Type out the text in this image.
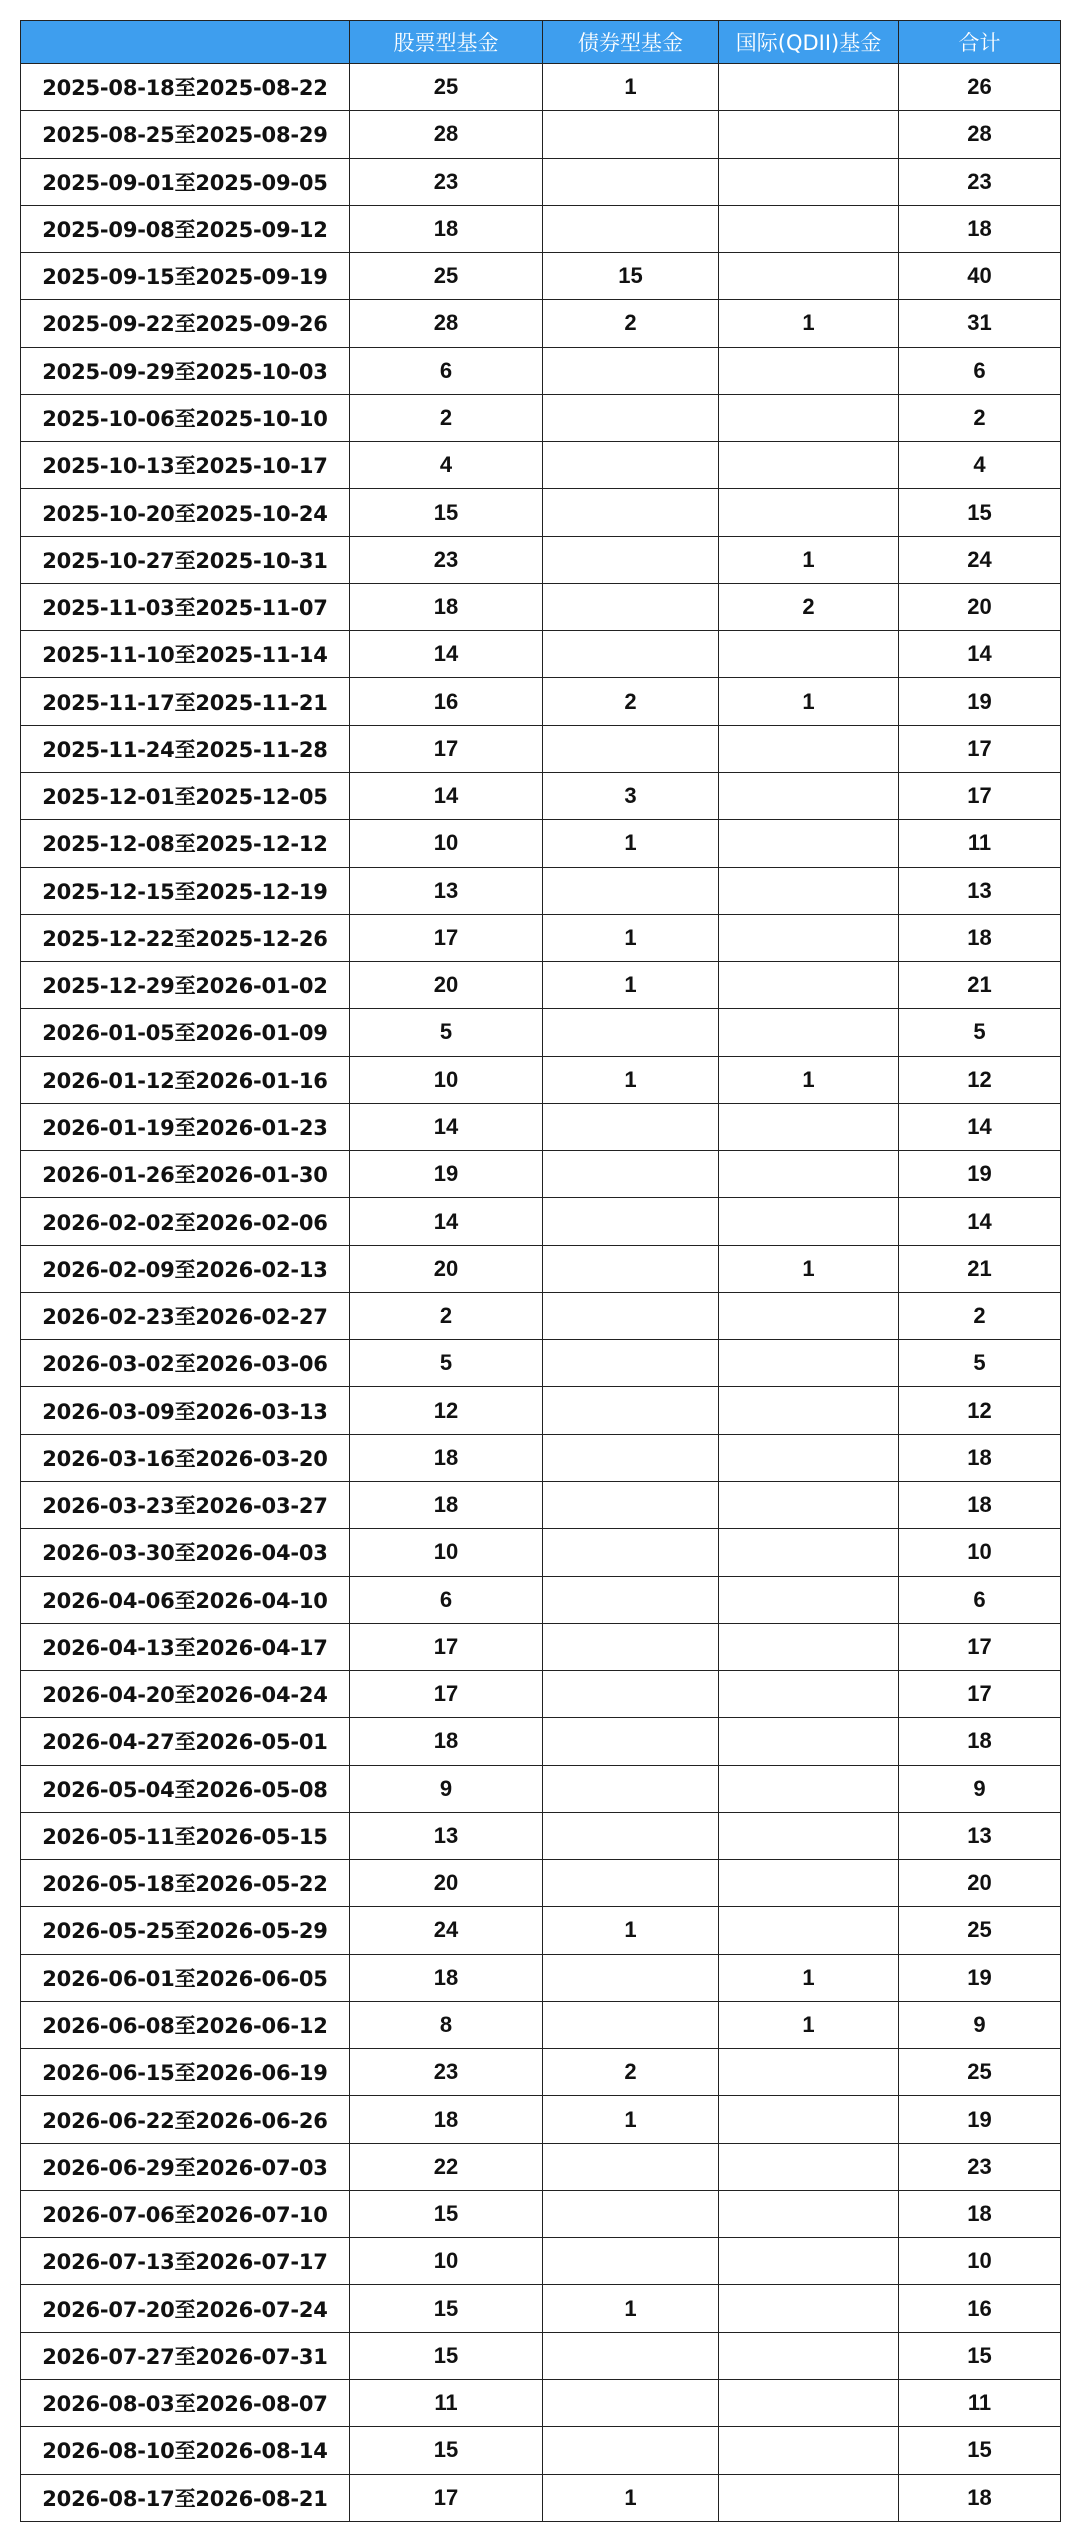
	股票型基金	债券型基金	国际(QDII)基金	合计
2025-08-18至2025-08-22	25	1		26
2025-08-25至2025-08-29	28			28
2025-09-01至2025-09-05	23			23
2025-09-08至2025-09-12	18			18
2025-09-15至2025-09-19	25	15		40
2025-09-22至2025-09-26	28	2	1	31
2025-09-29至2025-10-03	6			6
2025-10-06至2025-10-10	2			2
2025-10-13至2025-10-17	4			4
2025-10-20至2025-10-24	15			15
2025-10-27至2025-10-31	23		1	24
2025-11-03至2025-11-07	18		2	20
2025-11-10至2025-11-14	14			14
2025-11-17至2025-11-21	16	2	1	19
2025-11-24至2025-11-28	17			17
2025-12-01至2025-12-05	14	3		17
2025-12-08至2025-12-12	10	1		11
2025-12-15至2025-12-19	13			13
2025-12-22至2025-12-26	17	1		18
2025-12-29至2026-01-02	20	1		21
2026-01-05至2026-01-09	5			5
2026-01-12至2026-01-16	10	1	1	12
2026-01-19至2026-01-23	14			14
2026-01-26至2026-01-30	19			19
2026-02-02至2026-02-06	14			14
2026-02-09至2026-02-13	20		1	21
2026-02-23至2026-02-27	2			2
2026-03-02至2026-03-06	5			5
2026-03-09至2026-03-13	12			12
2026-03-16至2026-03-20	18			18
2026-03-23至2026-03-27	18			18
2026-03-30至2026-04-03	10			10
2026-04-06至2026-04-10	6			6
2026-04-13至2026-04-17	17			17
2026-04-20至2026-04-24	17			17
2026-04-27至2026-05-01	18			18
2026-05-04至2026-05-08	9			9
2026-05-11至2026-05-15	13			13
2026-05-18至2026-05-22	20			20
2026-05-25至2026-05-29	24	1		25
2026-06-01至2026-06-05	18		1	19
2026-06-08至2026-06-12	8		1	9
2026-06-15至2026-06-19	23	2		25
2026-06-22至2026-06-26	18	1		19
2026-06-29至2026-07-03	22			23
2026-07-06至2026-07-10	15			18
2026-07-13至2026-07-17	10			10
2026-07-20至2026-07-24	15	1		16
2026-07-27至2026-07-31	15			15
2026-08-03至2026-08-07	11			11
2026-08-10至2026-08-14	15			15
2026-08-17至2026-08-21	17	1		18
